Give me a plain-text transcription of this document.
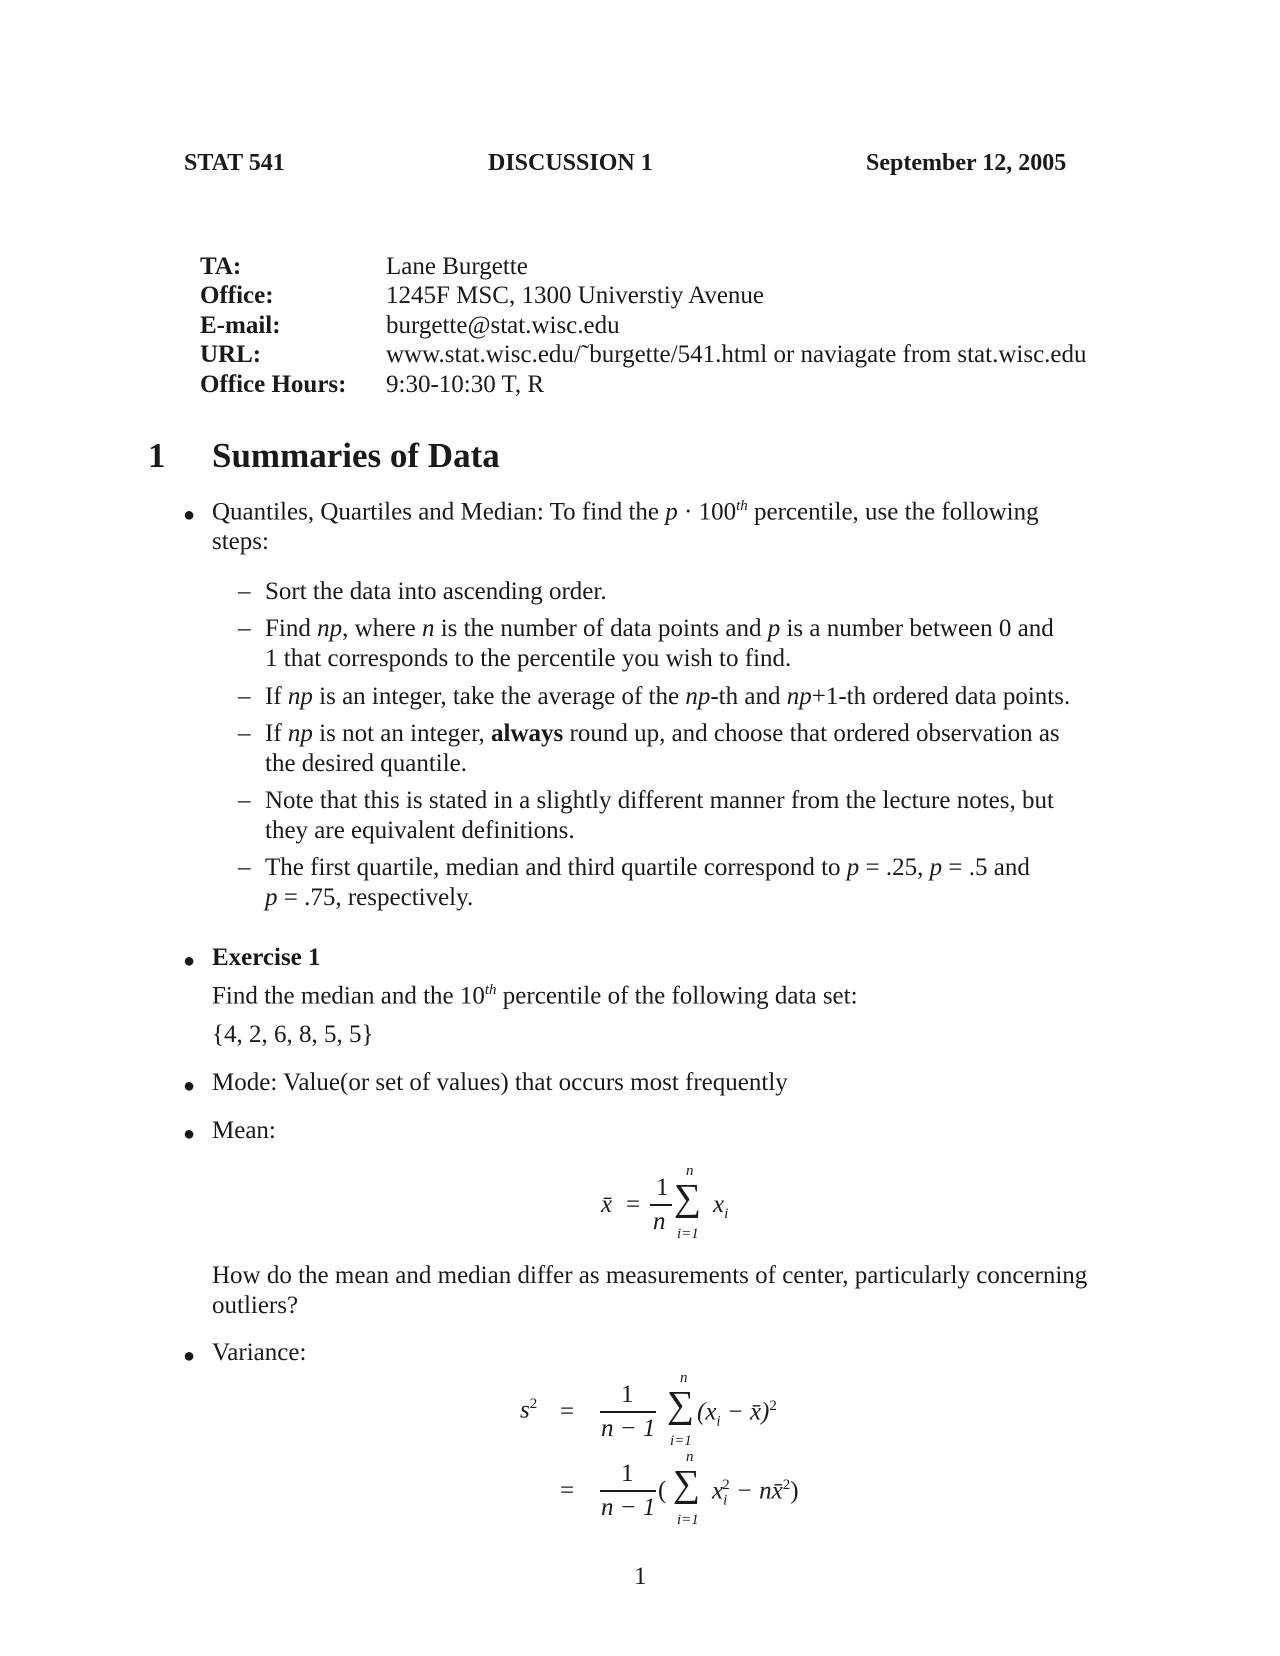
STAT 541	DISCUSSION 1	September 12, 2005
TA:	Lane Burgette
Office:	1245F MSC, 1300 Universtiy Avenue
E-mail:	burgette@stat.wisc.edu
URL:	www.stat.wisc.edu/˜burgette/541.html or naviagate from stat.wisc.edu
Office Hours: 9:30-10:30 T, R
1 Summaries of Data
● Quantiles, Quartiles and Median: To find the p · 100th percentile, use the following
steps:
– Sort the data into ascending order.
– Find np, where n is the number of data points and p is a number between 0 and
1 that corresponds to the percentile you wish to find.
– If np is an integer, take the average of the np-th and np+1-th ordered data points.
– If np is not an integer, always round up, and choose that ordered observation as
the desired quantile.
– Note that this is stated in a slightly different manner from the lecture notes, but
they are equivalent definitions.
– The first quartile, median and third quartile correspond to p = .25, p = .5 and
p = .75, respectively.
● Exercise 1
Find the median and the 10th percentile of the following data set:
{4, 2, 6, 8, 5, 5}
● Mode: Value(or set of values) that occurs most frequently
● Mean:
x̄ =
1
n
n
∑
i=1
$x_i$
How do the mean and median differ as measurements of center, particularly concerning
outliers?
● Variance:
$s^2$ =
1
n − 1
n
∑
i=1
($x_i$ − x̄)$^2$
=
1
n − 1
(
n
∑
i=1
$x_i^2$ − nx̄$^2$)
1
